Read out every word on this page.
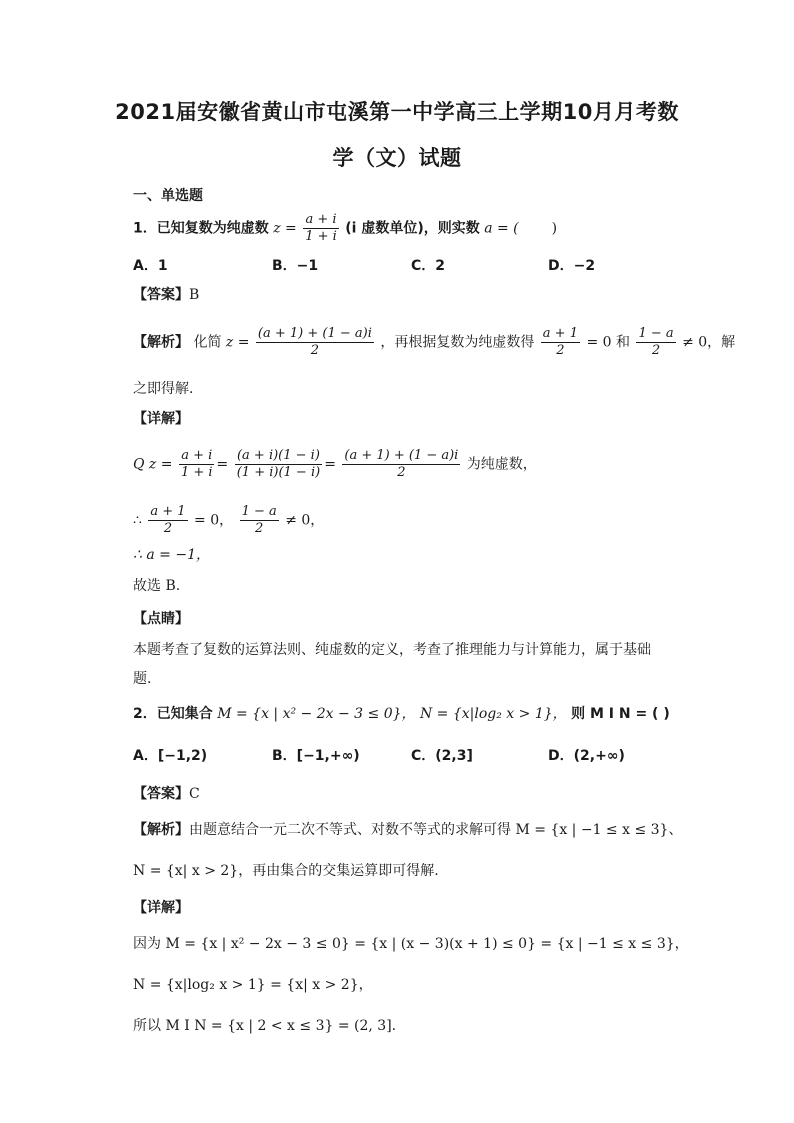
2021届安徽省黄山市屯溪第一中学高三上学期10月月考数
学（文）试题
一、单选题
1．已知复数为纯虚数 $z = \frac{a + i}{1 + i} (i$ 虚数单位)，则实数 a = ( )
A．1	B．−1	C．2	D．−2
【答案】B
【解析】 化简 $z = \frac{(a + 1) + (1 - a)i}{2}$ ，再根据复数为纯虚数得 $\frac{a + 1}{2} = 0$ 和 $\frac{1 - a}{2} \ne 0$，解
之即得解.
【详解】
Q $z = \frac{a + i}{1 + i} = \frac{(a + i)(1 - i)}{(1 + i)(1 - i)} = \frac{(a + 1) + (1 - a)i}{2}$ 为纯虚数，
∴ $\frac{a + 1}{2} = 0$， $\frac{1 - a}{2} \ne 0$，
∴ a = −1，
故选 B.
【点睛】
本题考查了复数的运算法则、纯虚数的定义，考查了推理能力与计算能力，属于基础
题.
2．已知集合 M = {x | x² − 2x − 3 ≤ 0}， N = {x|log₂ x > 1}， 则 M I N = ( )
A．[−1,2)	B．[−1,+∞)	C．(2,3]	D．(2,+∞)
【答案】C
【解析】由题意结合一元二次不等式、对数不等式的求解可得 M = {x | −1 ≤ x ≤ 3}、
N = {x| x > 2}，再由集合的交集运算即可得解.
【详解】
因为 M = {x | x² − 2x − 3 ≤ 0} = {x | (x − 3)(x + 1) ≤ 0} = {x | −1 ≤ x ≤ 3}，
N = {x|log₂ x > 1} = {x| x > 2}，
所以 M I N = {x | 2 < x ≤ 3} = (2, 3].
